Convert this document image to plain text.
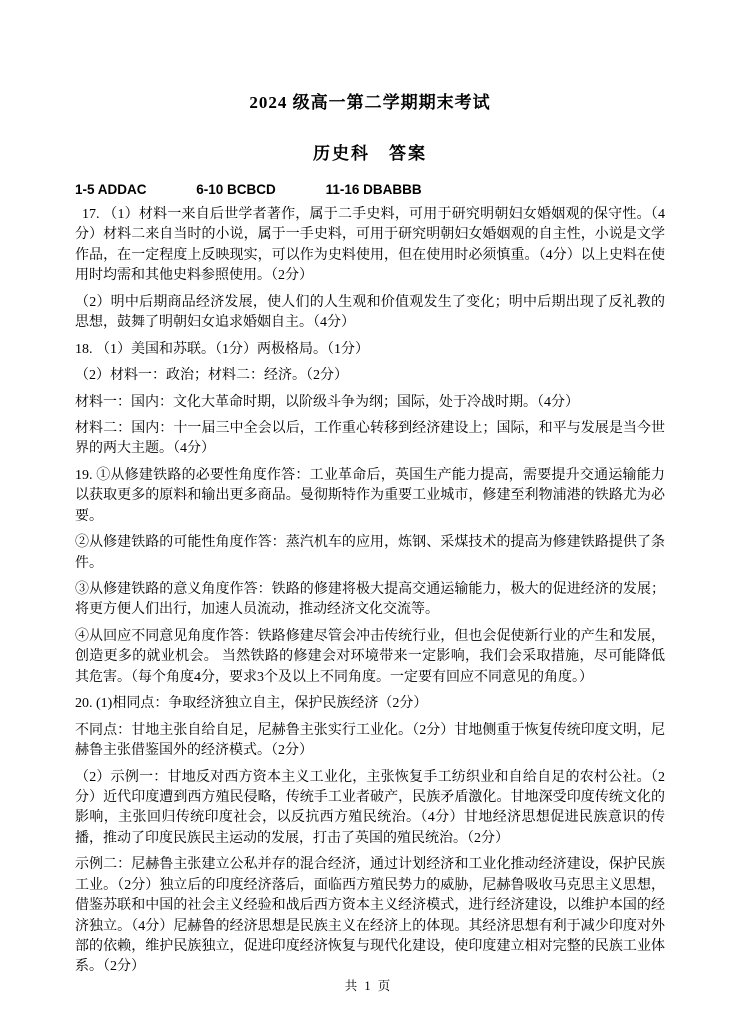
2024 级高一第二学期期末考试
历史科　答案
1-5 ADDAC	6-10 BCBCD	11-16 DBABBB

17. （1）材料一来自后世学者著作，属于二手史料，可用于研究明朝妇女婚姻观的保守性。（4分）材料二来自当时的小说，属于一手史料，可用于研究明朝妇女婚姻观的自主性，小说是文学作品，在一定程度上反映现实，可以作为史料使用，但在使用时必须慎重。（4分）以上史料在使用时均需和其他史料参照使用。（2分）

（2）明中后期商品经济发展，使人们的人生观和价值观发生了变化；明中后期出现了反礼教的思想，鼓舞了明朝妇女追求婚姻自主。（4分）

18. （1）美国和苏联。（1分）两极格局。（1分）

（2）材料一：政治；材料二：经济。（2分）

材料一：国内：文化大革命时期，以阶级斗争为纲；国际，处于冷战时期。（4分）

材料二：国内：十一届三中全会以后，工作重心转移到经济建设上；国际，和平与发展是当今世界的两大主题。（4分）

19. ①从修建铁路的必要性角度作答：工业革命后，英国生产能力提高，需要提升交通运输能力以获取更多的原料和输出更多商品。曼彻斯特作为重要工业城市，修建至利物浦港的铁路尤为必要。

②从修建铁路的可能性角度作答：蒸汽机车的应用，炼钢、采煤技术的提高为修建铁路提供了条件。

③从修建铁路的意义角度作答：铁路的修建将极大提高交通运输能力，极大的促进经济的发展；将更方便人们出行，加速人员流动，推动经济文化交流等。

④从回应不同意见角度作答：铁路修建尽管会冲击传统行业，但也会促使新行业的产生和发展，创造更多的就业机会。 当然铁路的修建会对环境带来一定影响，我们会采取措施，尽可能降低其危害。（每个角度4分，要求3个及以上不同角度。一定要有回应不同意见的角度。）

20. (1)相同点：争取经济独立自主，保护民族经济（2分）

不同点：甘地主张自给自足，尼赫鲁主张实行工业化。（2分）甘地侧重于恢复传统印度文明，尼赫鲁主张借鉴国外的经济模式。（2分）

（2）示例一：甘地反对西方资本主义工业化，主张恢复手工纺织业和自给自足的农村公社。（2分）近代印度遭到西方殖民侵略，传统手工业者破产，民族矛盾激化。甘地深受印度传统文化的影响，主张回归传统印度社会，以反抗西方殖民统治。（4分）甘地经济思想促进民族意识的传播，推动了印度民族民主运动的发展，打击了英国的殖民统治。（2分）

示例二：尼赫鲁主张建立公私并存的混合经济，通过计划经济和工业化推动经济建设，保护民族工业。（2分）独立后的印度经济落后，面临西方殖民势力的威胁，尼赫鲁吸收马克思主义思想，借鉴苏联和中国的社会主义经验和战后西方资本主义经济模式，进行经济建设，以维护本国的经济独立。（4分）尼赫鲁的经济思想是民族主义在经济上的体现。其经济思想有利于减少印度对外部的依赖，维护民族独立，促进印度经济恢复与现代化建设，使印度建立相对完整的民族工业体系。（2分）

共 1 页
